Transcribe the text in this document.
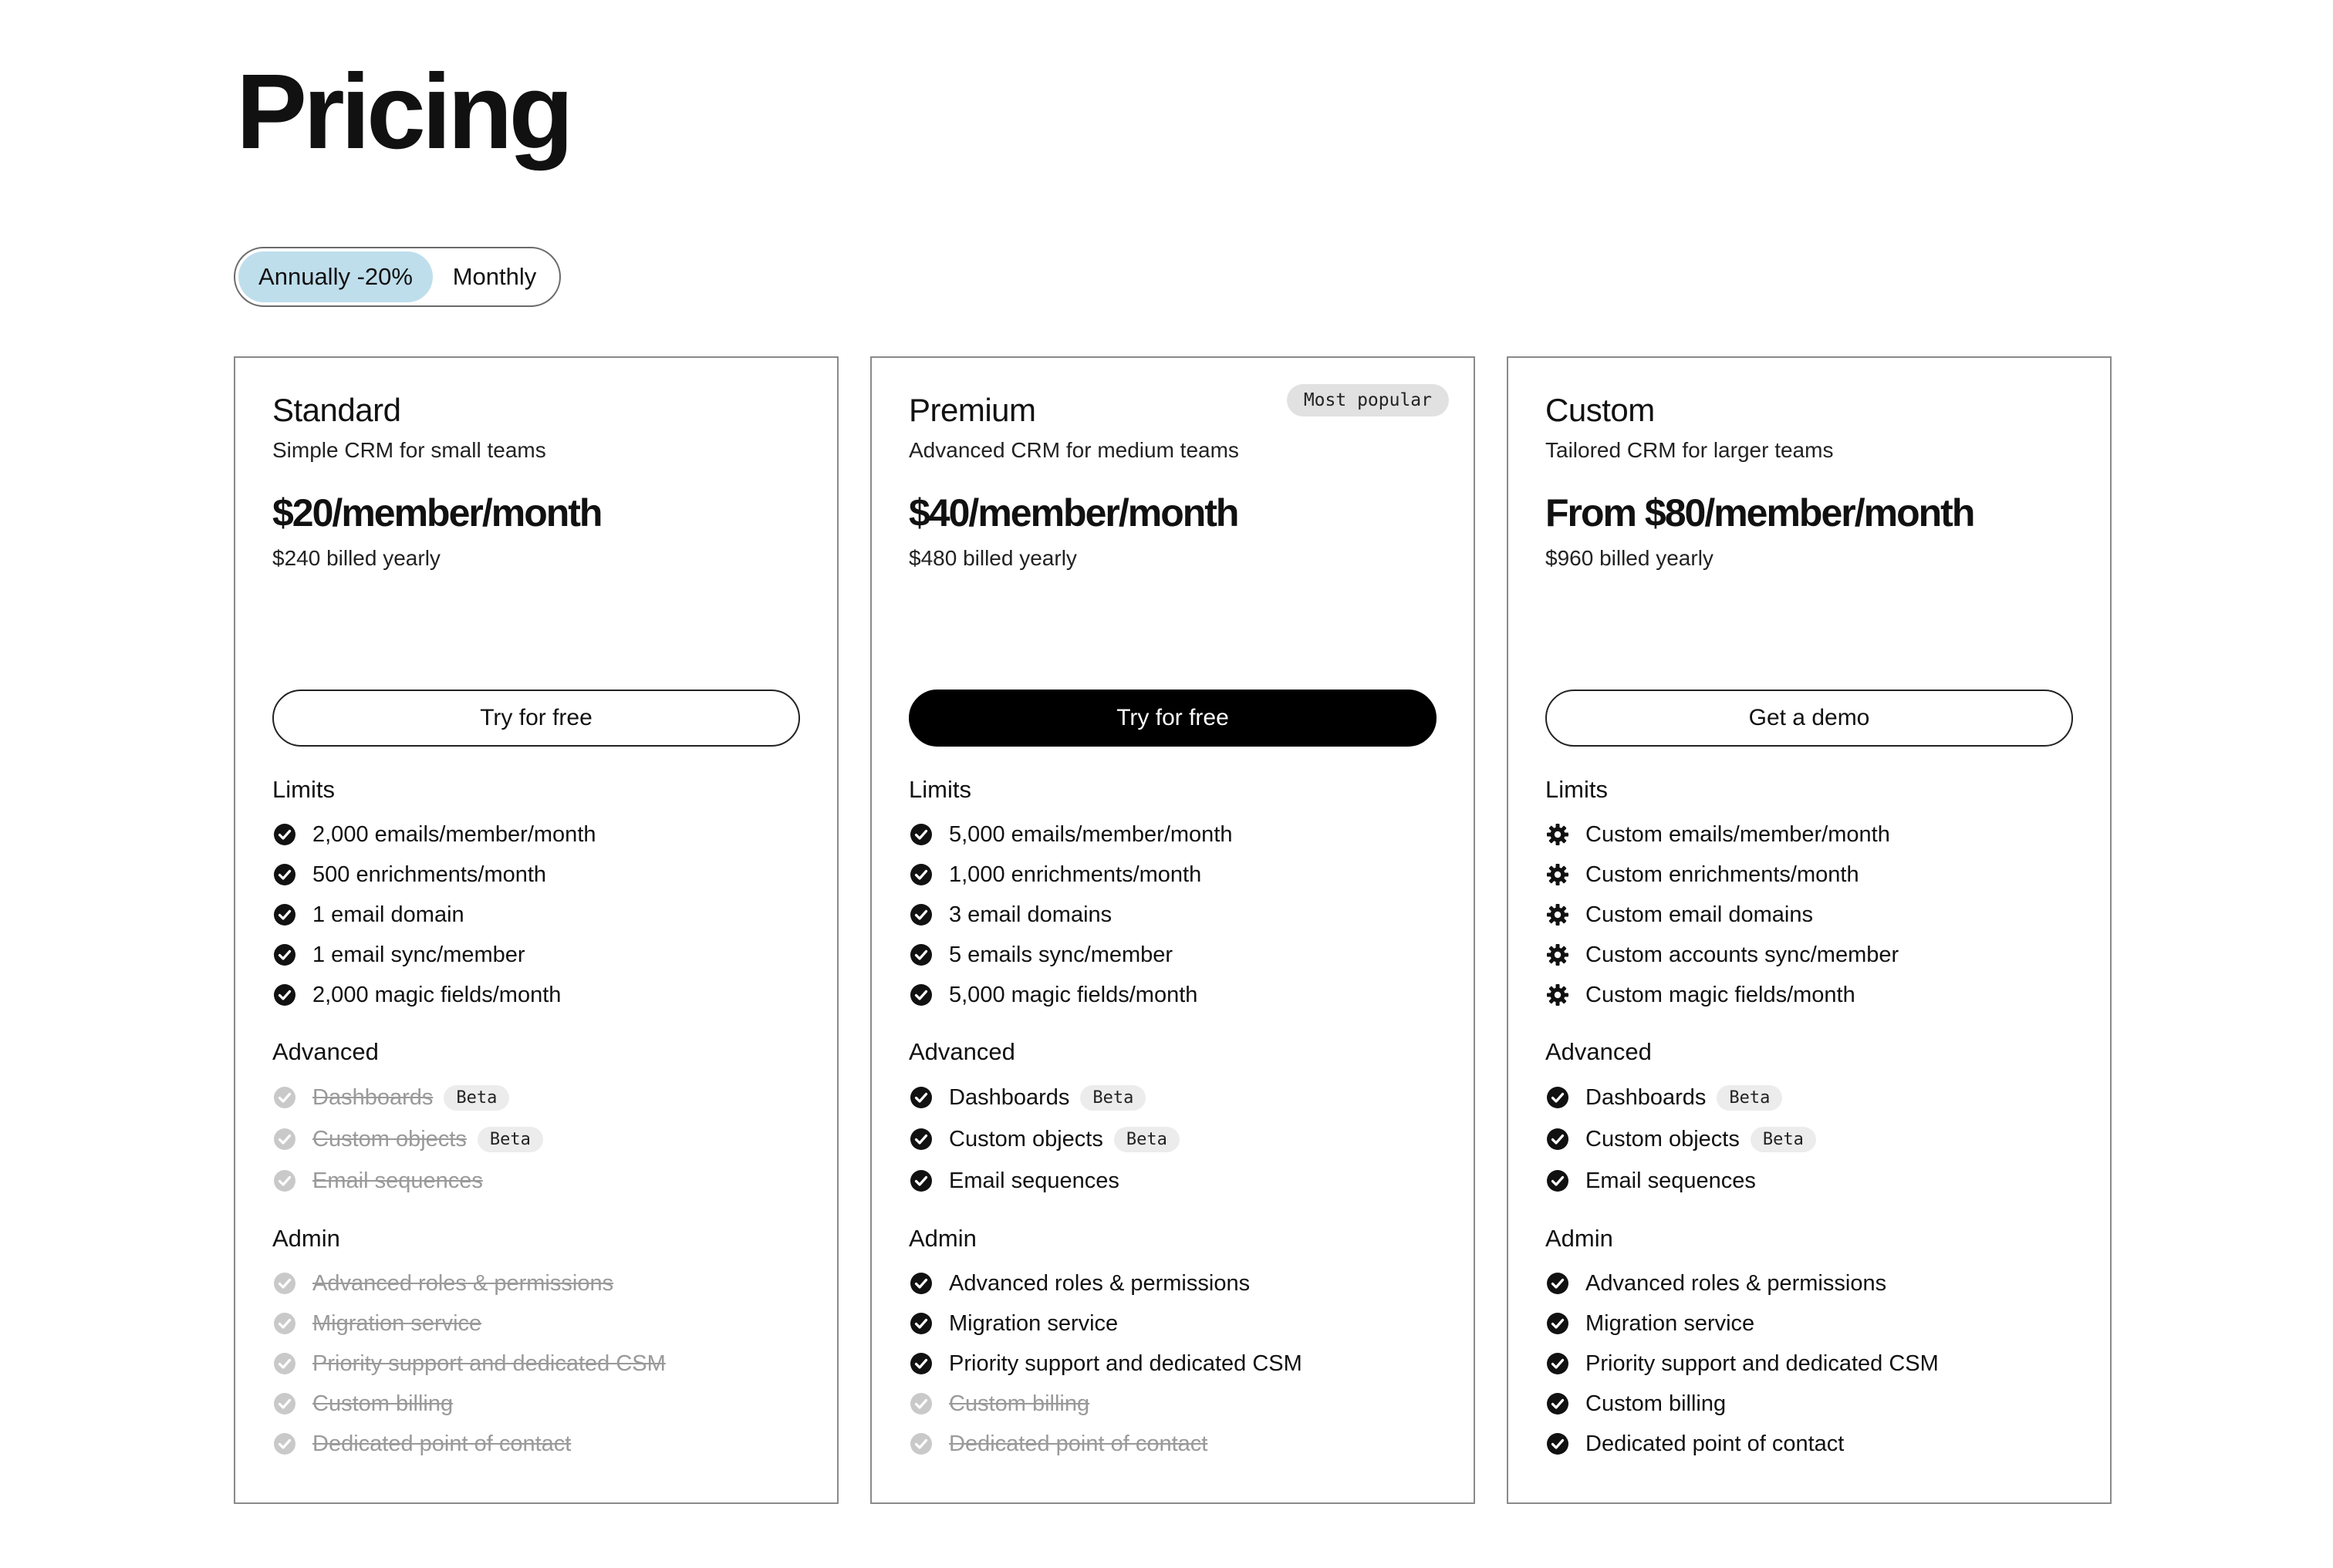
Pricing
Annually -20%	Monthly
Standard
Simple CRM for small teams
$20/member/month
$240 billed yearly
Try for free
Limits
2,000 emails/member/month
500 enrichments/month
1 email domain
1 email sync/member
2,000 magic fields/month
Advanced
Dashboards	Beta
Custom objects	Beta
Email sequences
Admin
Advanced roles & permissions
Migration service
Priority support and dedicated CSM
Custom billing
Dedicated point of contact
Most popular
Premium
Advanced CRM for medium teams
$40/member/month
$480 billed yearly
Try for free
Limits
5,000 emails/member/month
1,000 enrichments/month
3 email domains
5 emails sync/member
5,000 magic fields/month
Advanced
Dashboards	Beta
Custom objects	Beta
Email sequences
Admin
Advanced roles & permissions
Migration service
Priority support and dedicated CSM
Custom billing
Dedicated point of contact
Custom
Tailored CRM for larger teams
From $80/member/month
$960 billed yearly
Get a demo
Limits
Custom emails/member/month
Custom enrichments/month
Custom email domains
Custom accounts sync/member
Custom magic fields/month
Advanced
Dashboards	Beta
Custom objects	Beta
Email sequences
Admin
Advanced roles & permissions
Migration service
Priority support and dedicated CSM
Custom billing
Dedicated point of contact
